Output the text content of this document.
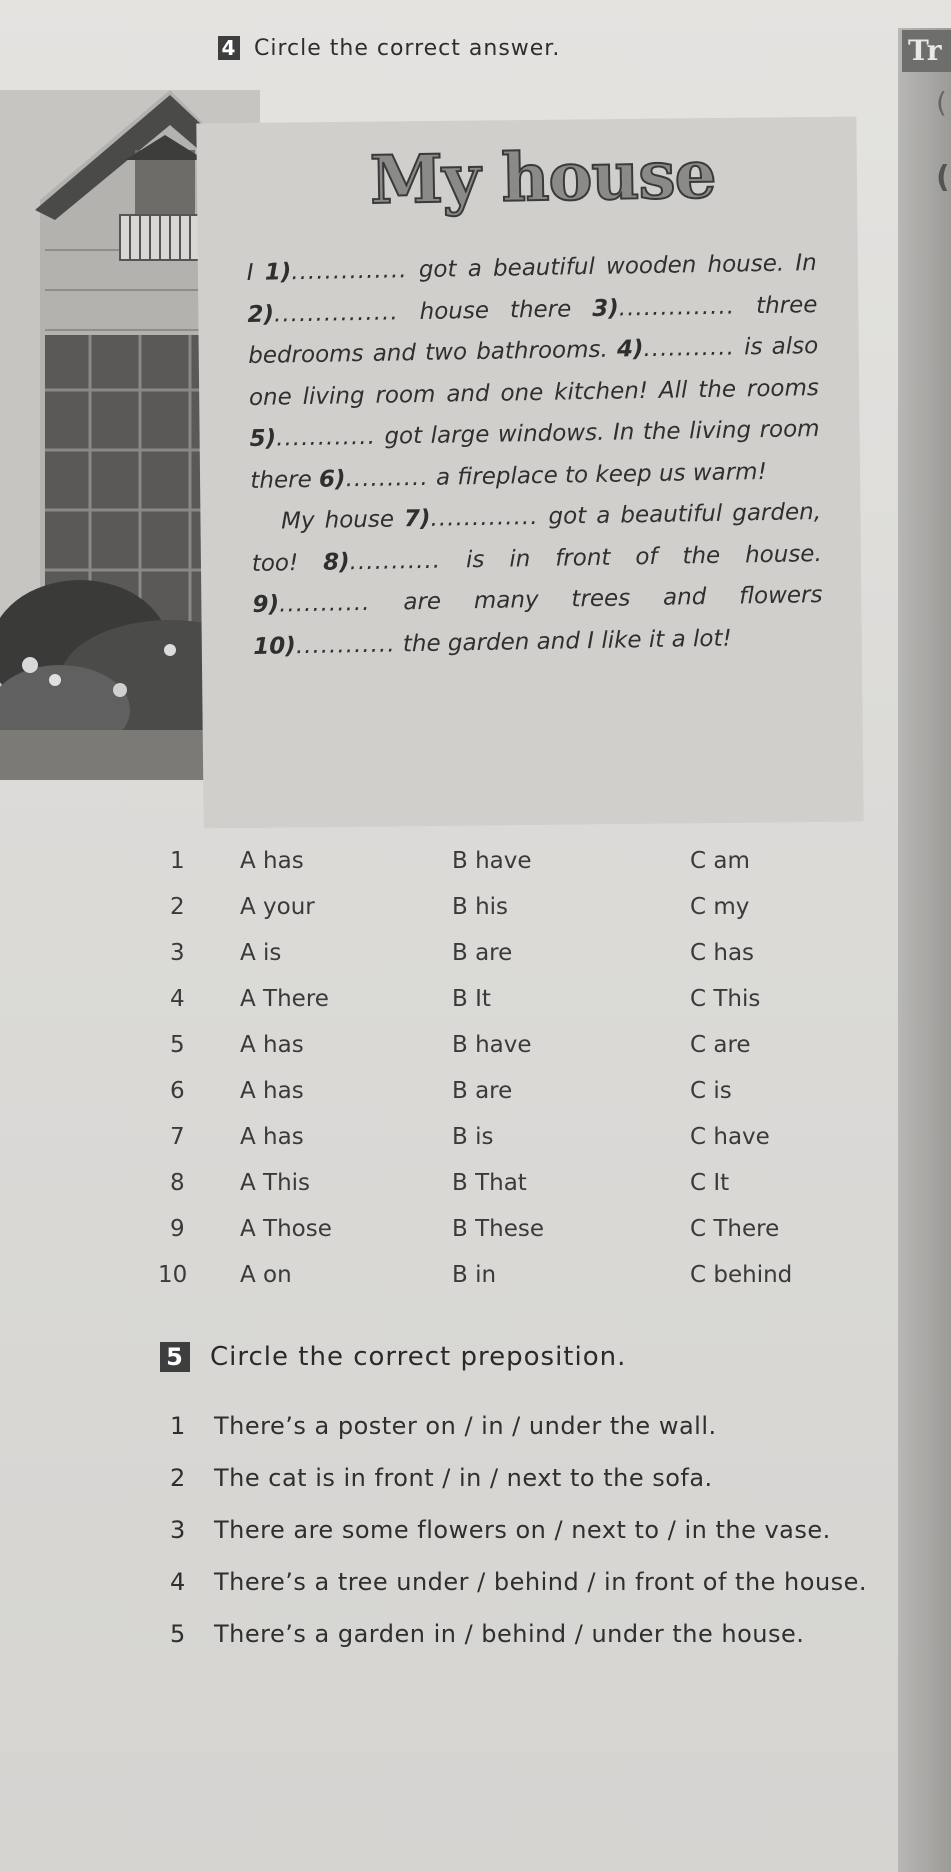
Tr
(
(
4 Circle the correct answer.
My house
I 1).............. got a beautiful wooden house. In 2)............... house there 3).............. three bedrooms and two bathrooms. 4)........... is also one living room and one kitchen! All the rooms 5)............ got large windows. In the living room there 6).......... a fireplace to keep us warm!
My house 7)............. got a beautiful garden, too! 8)........... is in front of the house. 9)........... are many trees and flowers 10)............ the garden and I like it a lot!
1 A has	B have	C am
2 A your	B his	C my
3 A is	B are	C has
4 A There	B It	C This
5 A has	B have	C are
6 A has	B are	C is
7 A has	B is	C have
8 A This	B That	C It
9 A Those	B These	C There
10 A on	B in	C behind
5 Circle the correct preposition.
1 There’s a poster on / in / under the wall.
2 The cat is in front / in / next to the sofa.
3 There are some flowers on / next to / in the vase.
4 There’s a tree under / behind / in front of the house.
5 There’s a garden in / behind / under the house.
